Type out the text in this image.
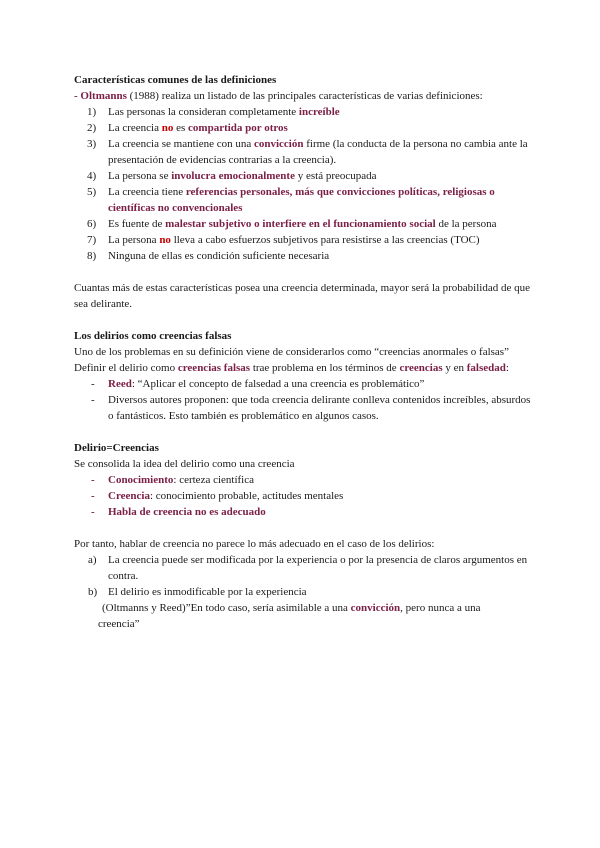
Características comunes de las definiciones

- Oltmanns (1988) realiza un listado de las principales características de varias definiciones:

1) Las personas la consideran completamente increíble

2) La creencia no es compartida por otros

3) La creencia se mantiene con una convicción firme (la conducta de la persona no cambia ante la presentación de evidencias contrarias a la creencia).

4) La persona se involucra emocionalmente y está preocupada

5) La creencia tiene referencias personales, más que convicciones políticas, religiosas o científicas no convencionales

6) Es fuente de malestar subjetivo o interfiere en el funcionamiento social de la persona

7) La persona no lleva a cabo esfuerzos subjetivos para resistirse a las creencias (TOC)

8) Ninguna de ellas es condición suficiente necesaria

Cuantas más de estas características posea una creencia determinada, mayor será la probabilidad de que sea delirante.

Los delirios como creencias falsas

Uno de los problemas en su definición viene de considerarlos como “creencias anormales o falsas”

Definir el delirio como creencias falsas trae problema en los términos de creencias y en falsedad:

- Reed: “Aplicar el concepto de falsedad a una creencia es problemático”

- Diversos autores proponen: que toda creencia delirante conlleva contenidos increíbles, absurdos o fantásticos. Esto también es problemático en algunos casos.

Delirio=Creencias

Se consolida la idea del delirio como una creencia

- Conocimiento: certeza científica

- Creencia: conocimiento probable, actitudes mentales

- Habla de creencia no es adecuado

Por tanto, hablar de creencia no parece lo más adecuado en el caso de los delirios:

a) La creencia puede ser modificada por la experiencia o por la presencia de claros argumentos en contra.

b) El delirio es inmodificable por la experiencia

(Oltmanns y Reed)”En todo caso, sería asimilable a una convicción, pero nunca a una

creencia”
